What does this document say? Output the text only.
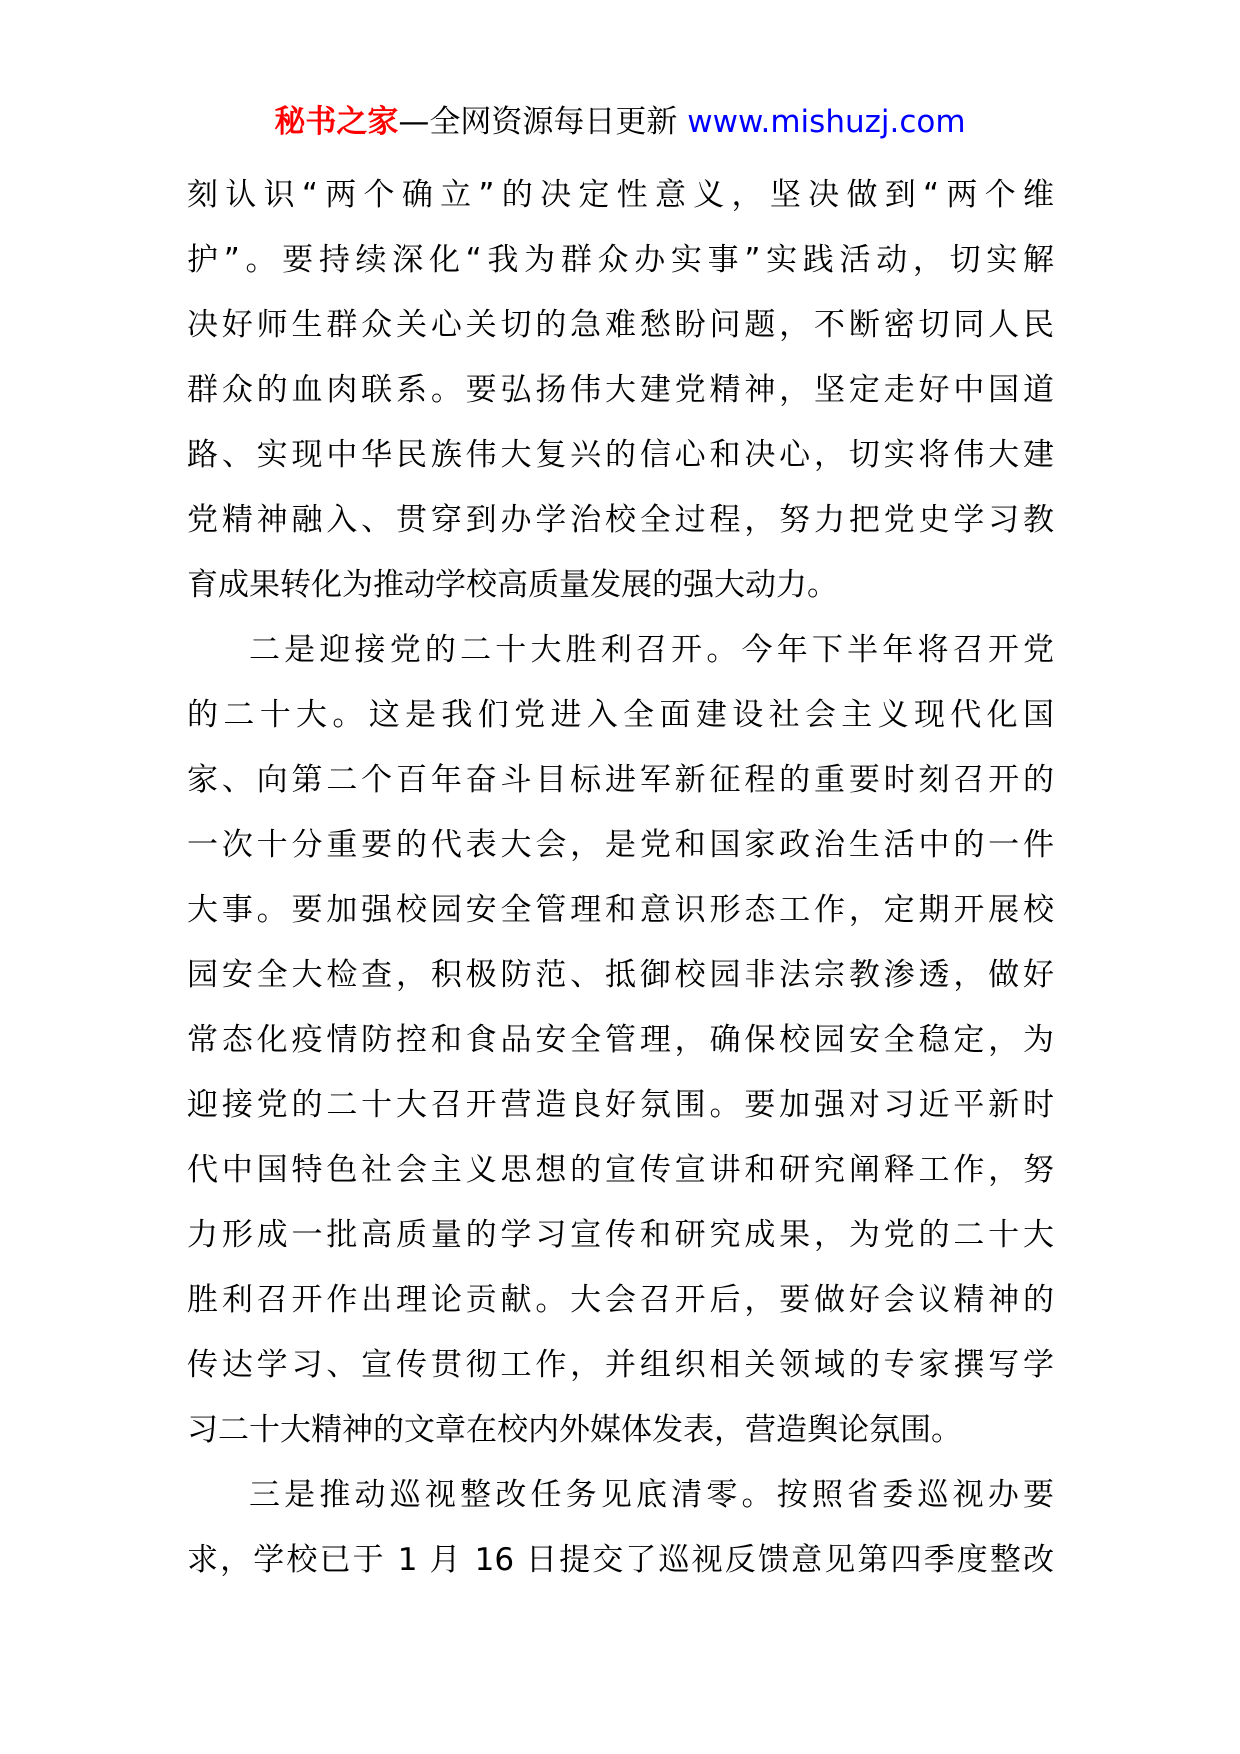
秘书之家—全网资源每日更新 www.mishuzj.com
刻认识“两个确立”的决定性意义，坚决做到“两个维
护”。要持续深化“我为群众办实事”实践活动，切实解
决好师生群众关心关切的急难愁盼问题，不断密切同人民
群众的血肉联系。要弘扬伟大建党精神，坚定走好中国道
路、实现中华民族伟大复兴的信心和决心，切实将伟大建
党精神融入、贯穿到办学治校全过程，努力把党史学习教
育成果转化为推动学校高质量发展的强大动力。
二是迎接党的二十大胜利召开。今年下半年将召开党
的二十大。这是我们党进入全面建设社会主义现代化国
家、向第二个百年奋斗目标进军新征程的重要时刻召开的
一次十分重要的代表大会，是党和国家政治生活中的一件
大事。要加强校园安全管理和意识形态工作，定期开展校
园安全大检查，积极防范、抵御校园非法宗教渗透，做好
常态化疫情防控和食品安全管理，确保校园安全稳定，为
迎接党的二十大召开营造良好氛围。要加强对习近平新时
代中国特色社会主义思想的宣传宣讲和研究阐释工作，努
力形成一批高质量的学习宣传和研究成果，为党的二十大
胜利召开作出理论贡献。大会召开后，要做好会议精神的
传达学习、宣传贯彻工作，并组织相关领域的专家撰写学
习二十大精神的文章在校内外媒体发表，营造舆论氛围。
三是推动巡视整改任务见底清零。按照省委巡视办要
求，学校已于 1 月 16 日提交了巡视反馈意见第四季度整改
